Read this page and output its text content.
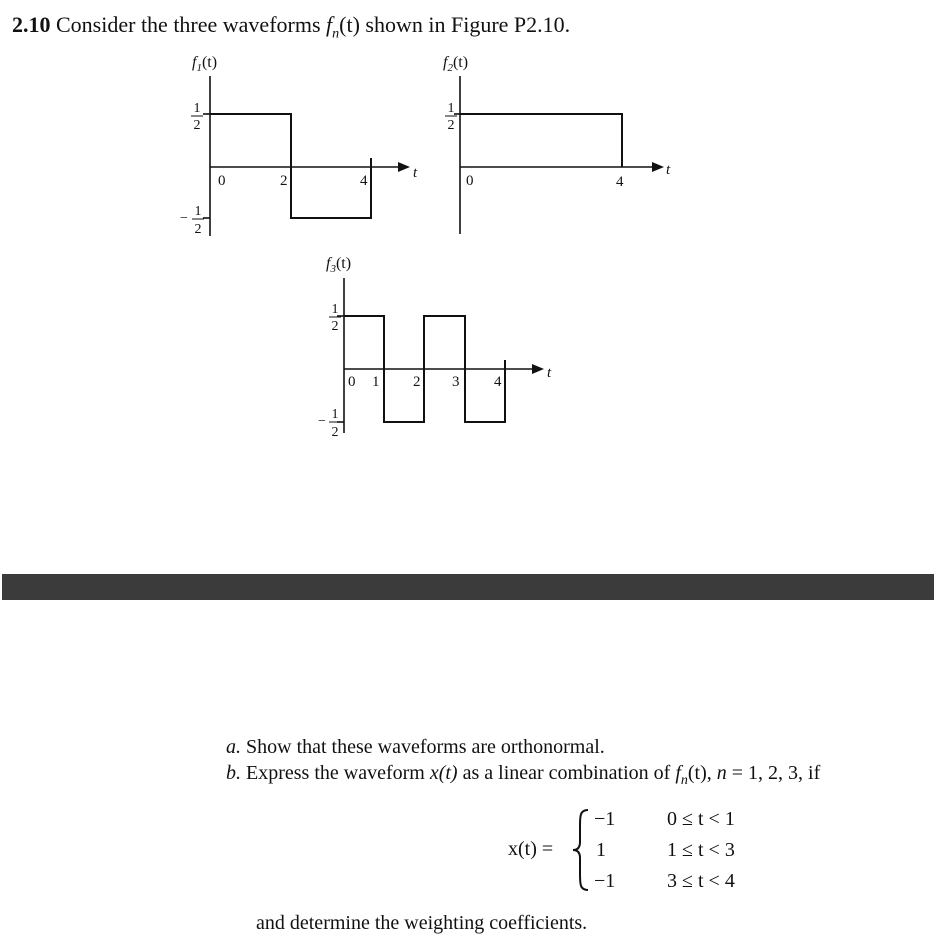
2.10 Consider the three waveforms $f_n(t)$ shown in Figure P2.10.
$f_1(t)$
0	2	4	t
1
2
− 1
2
$f_2(t)$
0	4
t
1
2
$f_3(t)$
0 1 2 3 4
t
1
2
− 1
2
a. Show that these waveforms are orthonormal.
b. Express the waveform x(t) as a linear combination of $f_n(t)$, n = 1, 2, 3, if
x(t) =
−1	0 ≤ t < 1
1	1 ≤ t < 3
−1	3 ≤ t < 4
and determine the weighting coefficients.
